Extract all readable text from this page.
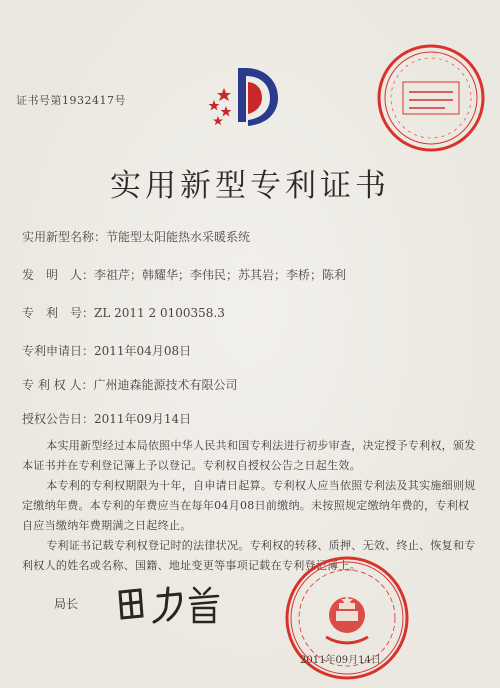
证书号第1932417号
实用新型专利证书
实用新型名称：节能型太阳能热水采暖系统
发　明　人：李祖芹；韩耀华；李伟民；苏其岩；李桥；陈利
专　利　号：ZL 2011 2 0100358.3
专利申请日：2011年04月08日
专 利 权 人：广州迪森能源技术有限公司
授权公告日：2011年09月14日

本实用新型经过本局依照中华人民共和国专利法进行初步审查，决定授予专利权，颁发本证书并在专利登记簿上予以登记。专利权自授权公告之日起生效。

本专利的专利权期限为十年，自申请日起算。专利权人应当依照专利法及其实施细则规定缴纳年费。本专利的年费应当在每年04月08日前缴纳。未按照规定缴纳年费的，专利权自应当缴纳年费期满之日起终止。

专利证书记载专利权登记时的法律状况。专利权的转移、质押、无效、终止、恢复和专利权人的姓名或名称、国籍、地址变更等事项记载在专利登记簿上。

局长
2011年09月14日
